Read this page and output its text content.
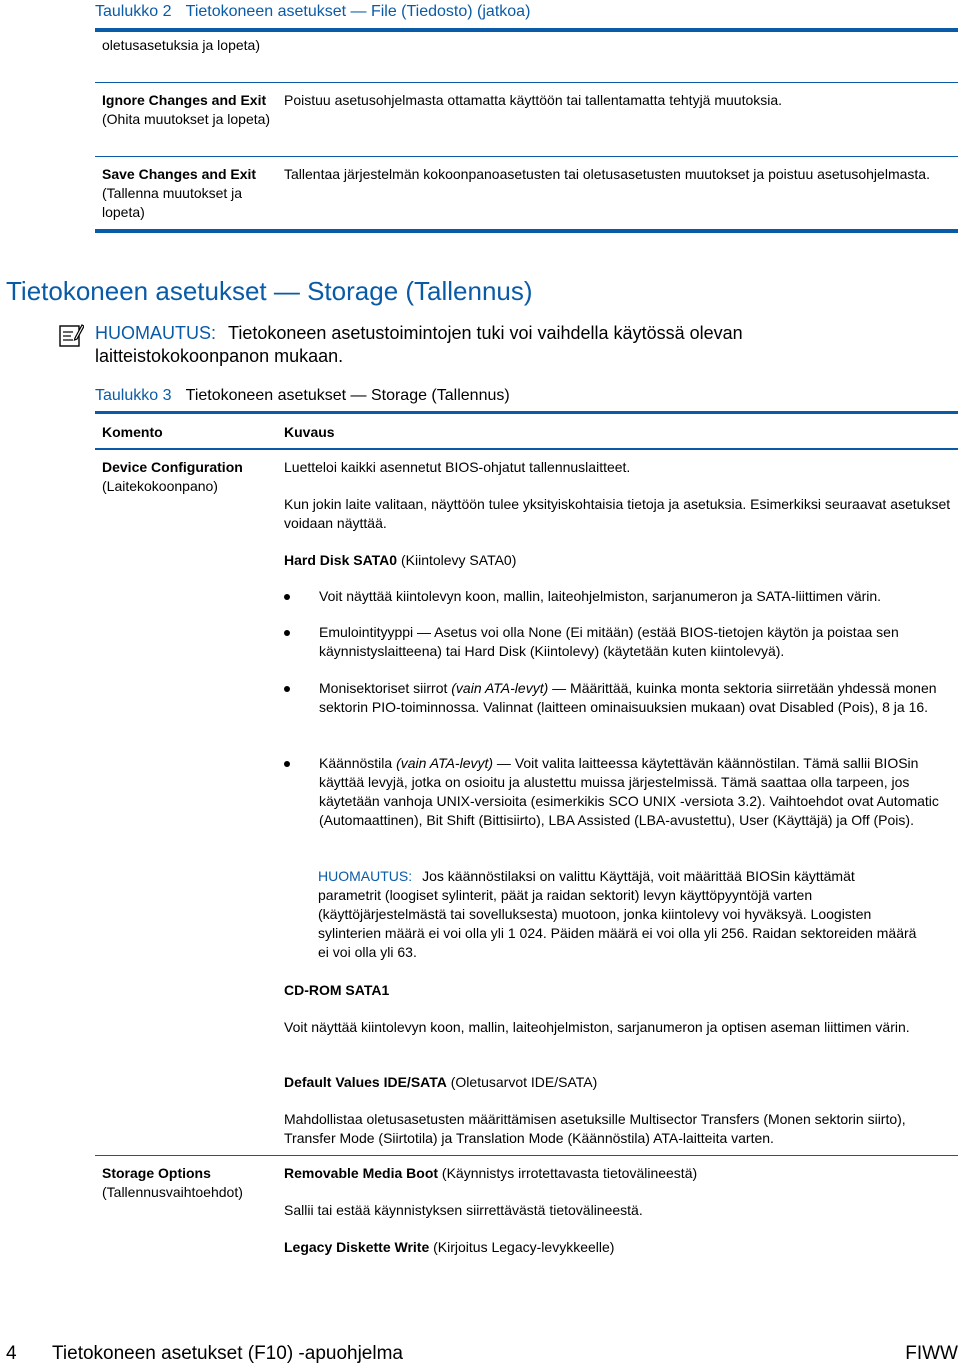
Taulukko 2 Tietokoneen asetukset — File (Tiedosto) (jatkoa)
oletusasetuksia ja lopeta)
Ignore Changes and Exit (Ohita muutokset ja lopeta)
Poistuu asetusohjelmasta ottamatta käyttöön tai tallentamatta tehtyjä muutoksia.
Save Changes and Exit (Tallenna muutokset ja lopeta)
Tallentaa järjestelmän kokoonpanoasetusten tai oletusasetusten muutokset ja poistuu asetusohjelmasta.
Tietokoneen asetukset — Storage (Tallennus)
HUOMAUTUS: Tietokoneen asetustoimintojen tuki voi vaihdella käytössä olevan
laitteistokokoonpanon mukaan.
Taulukko 3 Tietokoneen asetukset — Storage (Tallennus)
Komento	Kuvaus
Device Configuration
(Laitekokoonpano)
Luetteloi kaikki asennetut BIOS-ohjatut tallennuslaitteet.
Kun jokin laite valitaan, näyttöön tulee yksityiskohtaisia tietoja ja asetuksia. Esimerkiksi seuraavat asetukset voidaan näyttää.
Hard Disk SATA0 (Kiintolevy SATA0)
Voit näyttää kiintolevyn koon, mallin, laiteohjelmiston, sarjanumeron ja SATA-liittimen värin.
Emulointityyppi — Asetus voi olla None (Ei mitään) (estää BIOS-tietojen käytön ja poistaa sen käynnistyslaitteena) tai Hard Disk (Kiintolevy) (käytetään kuten kiintolevyä).
Monisektoriset siirrot (vain ATA-levyt) — Määrittää, kuinka monta sektoria siirretään yhdessä monen sektorin PIO-toiminnossa. Valinnat (laitteen ominaisuuksien mukaan) ovat Disabled (Pois), 8 ja 16.
Käännöstila (vain ATA-levyt) — Voit valita laitteessa käytettävän käännöstilan. Tämä sallii BIOSin käyttää levyjä, jotka on osioitu ja alustettu muissa järjestelmissä. Tämä saattaa olla tarpeen, jos käytetään vanhoja UNIX-versioita (esimerkikis SCO UNIX -versiota 3.2). Vaihtoehdot ovat Automatic (Automaattinen), Bit Shift (Bittisiirto), LBA Assisted (LBA-avustettu), User (Käyttäjä) ja Off (Pois).
HUOMAUTUS: Jos käännöstilaksi on valittu Käyttäjä, voit määrittää BIOSin käyttämät parametrit (loogiset sylinterit, päät ja raidan sektorit) levyn käyttöpyyntöjä varten (käyttöjärjestelmästä tai sovelluksesta) muotoon, jonka kiintolevy voi hyväksyä. Loogisten sylinterien määrä ei voi olla yli 1 024. Päiden määrä ei voi olla yli 256. Raidan sektoreiden määrä ei voi olla yli 63.
CD-ROM SATA1
Voit näyttää kiintolevyn koon, mallin, laiteohjelmiston, sarjanumeron ja optisen aseman liittimen värin.
Default Values IDE/SATA (Oletusarvot IDE/SATA)
Mahdollistaa oletusasetusten määrittämisen asetuksille Multisector Transfers (Monen sektorin siirto), Transfer Mode (Siirtotila) ja Translation Mode (Käännöstila) ATA-laitteita varten.
Storage Options
(Tallennusvaihtoehdot)
Removable Media Boot (Käynnistys irrotettavasta tietovälineestä)
Sallii tai estää käynnistyksen siirrettävästä tietovälineestä.
Legacy Diskette Write (Kirjoitus Legacy-levykkeelle)
4 Tietokoneen asetukset (F10) -apuohjelma	FIWW
